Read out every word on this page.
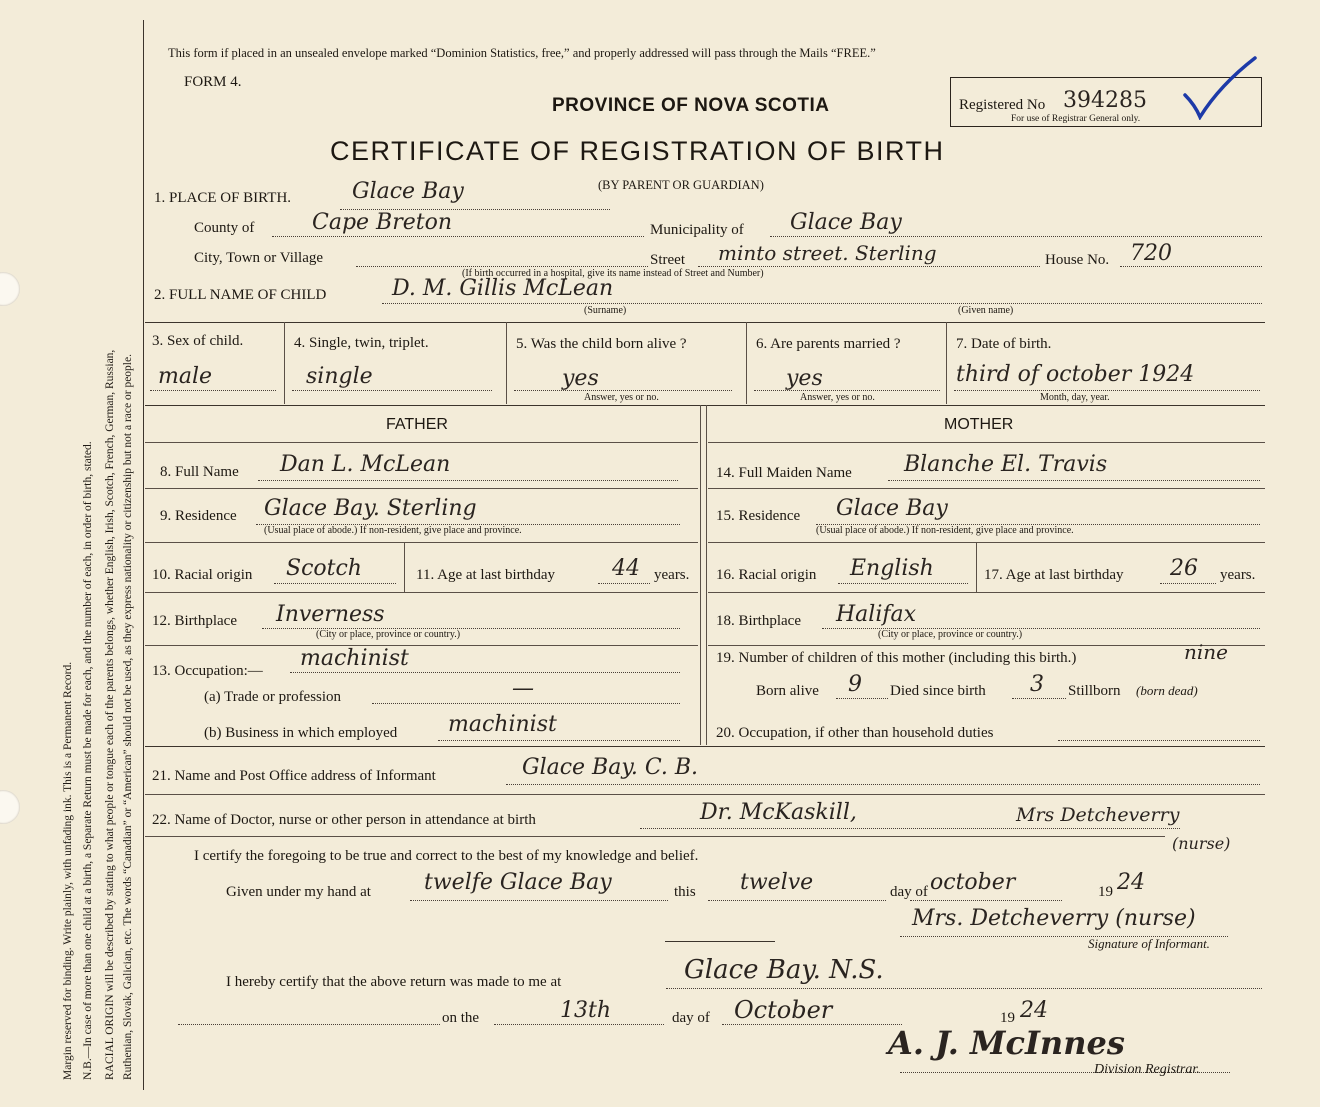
Margin reserved for binding. Write plainly, with unfading ink. This is a Permanent Record. N.B.—In case of more than one child at a birth, a Separate Return must be made for each, and the number of each, in order of birth, stated. RACIAL ORIGIN will be described by stating to what people or tongue each of the parents belongs, whether English, Irish, Scotch, French, German, Russian, Ruthenian, Slovak, Galician, etc. The words “Canadian” or “American” should not be used, as they express nationality or citizenship but not a race or people.
This form if placed in an unsealed envelope marked “Dominion Statistics, free,” and properly addressed will pass through the Mails “FREE.”
FORM 4.
PROVINCE OF NOVA SCOTIA	Registered No 394285
For use of Registrar General only.
CERTIFICATE OF REGISTRATION OF BIRTH
(BY PARENT OR GUARDIAN)
1. PLACE OF BIRTH.	Glace Bay
County of	Cape Breton	Municipality of Glace Bay
City, Town or Village	Street minto street. Sterling	House No. 720
(If birth occurred in a hospital, give its name instead of Street and Number)
2. FULL NAME OF CHILD	D. M. Gillis McLean
(Surname)	(Given name)
3. Sex of child.
male
4. Single, twin, triplet.
single
5. Was the child born alive ?
yes
Answer, yes or no.
6. Are parents married ?
yes
Answer, yes or no.
7. Date of birth.
third of october 1924
Month, day, year.
FATHER
8. Full Name Dan L. McLean
9. Residence Glace Bay. Sterling
(Usual place of abode.) If non-resident, give place and province.
10. Racial origin Scotch	11. Age at last birthday	44 years.
12. Birthplace Inverness
(City or place, province or country.)
13. Occupation:— machinist
(a) Trade or profession	—
(b) Business in which employed machinist
MOTHER
14. Full Maiden Name Blanche El. Travis
15. Residence Glace Bay
(Usual place of abode.) If non-resident, give place and province.
16. Racial origin English	17. Age at last birthday 26 years.
18. Birthplace Halifax
(City or place, province or country.)
19. Number of children of this mother (including this birth.)	nine
Born alive 9 Died since birth 3 Stillborn (born dead)
20. Occupation, if other than household duties
21. Name and Post Office address of Informant	Glace Bay. C. B.
22. Name of Doctor, nurse or other person in attendance at birth	Dr. McKaskill,	Mrs Detcheverry
(nurse)
I certify the foregoing to be true and correct to the best of my knowledge and belief.
Given under my hand at twelfe Glace Bay	this twelve	day of october	19 24
Mrs. Detcheverry (nurse)
Signature of Informant.
I hereby certify that the above return was made to me at	Glace Bay. N.S.
on the	13th	day of October	19 24
A. J. McInnes
Division Registrar.
